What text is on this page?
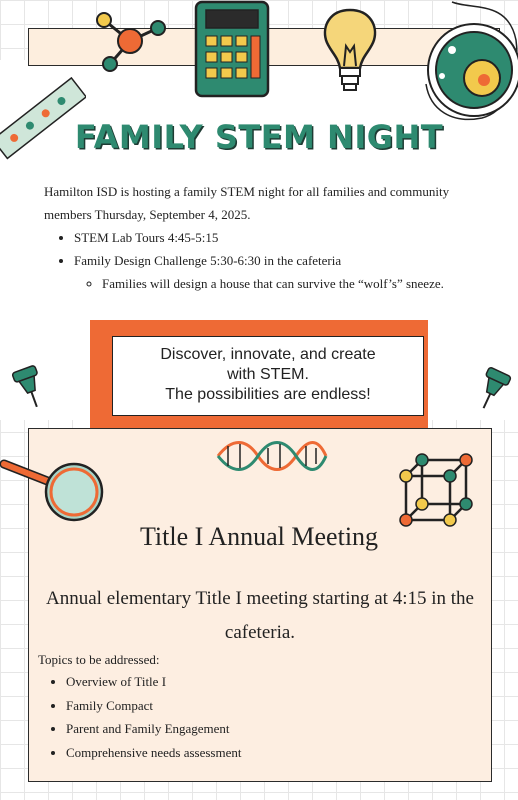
Discover, innovate, and create
with STEM.
The possibilities are endless!
FAMILY STEM NIGHT
Hamilton ISD is hosting a family STEM night for all families and community members Thursday, September 4, 2025.
• STEM Lab Tours 4:45-5:15
• Family Design Challenge 5:30-6:30 in the cafeteria
◦ Families will design a house that can survive the “wolf’s” sneeze.
Title I Annual Meeting
Annual elementary Title I meeting starting at 4:15 in the cafeteria.
Topics to be addressed:
• Overview of Title I
• Family Compact
• Parent and Family Engagement
• Comprehensive needs assessment
